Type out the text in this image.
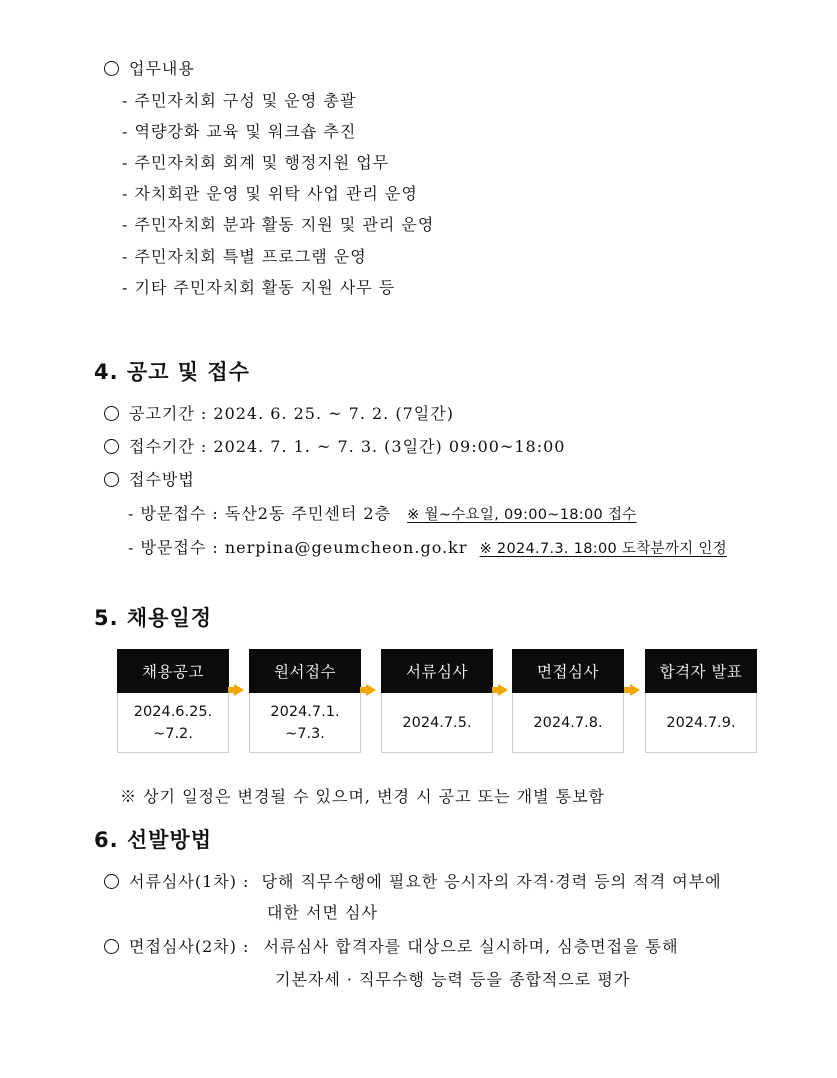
업무내용
- 주민자치회 구성 및 운영 총괄
- 역량강화 교육 및 워크숍 추진
- 주민자치회 회계 및 행정지원 업무
- 자치회관 운영 및 위탁 사업 관리 운영
- 주민자치회 분과 활동 지원 및 관리 운영
- 주민자치회 특별 프로그램 운영
- 기타 주민자치회 활동 지원 사무 등
4. 공고 및 접수
공고기간 : 2024. 6. 25. ~ 7. 2. (7일간)
접수기간 : 2024. 7. 1. ~ 7. 3. (3일간) 09:00~18:00
접수방법
- 방문접수 : 독산2동 주민센터 2층 ※ 월~수요일, 09:00~18:00 접수
- 방문접수 : nerpina@geumcheon.go.kr ※ 2024.7.3. 18:00 도착분까지 인정
5. 채용일정
채용공고
2024.6.25.
~7.2.
원서접수
2024.7.1.
~7.3.
서류심사
2024.7.5.
면접심사
2024.7.8.
합격자 발표
2024.7.9.
※ 상기 일정은 변경될 수 있으며, 변경 시 공고 또는 개별 통보함
6. 선발방법
서류심사(1차) : 당해 직무수행에 필요한 응시자의 자격·경력 등의 적격 여부에
대한 서면 심사
면접심사(2차) : 서류심사 합격자를 대상으로 실시하며, 심층면접을 통해
기본자세 · 직무수행 능력 등을 종합적으로 평가
